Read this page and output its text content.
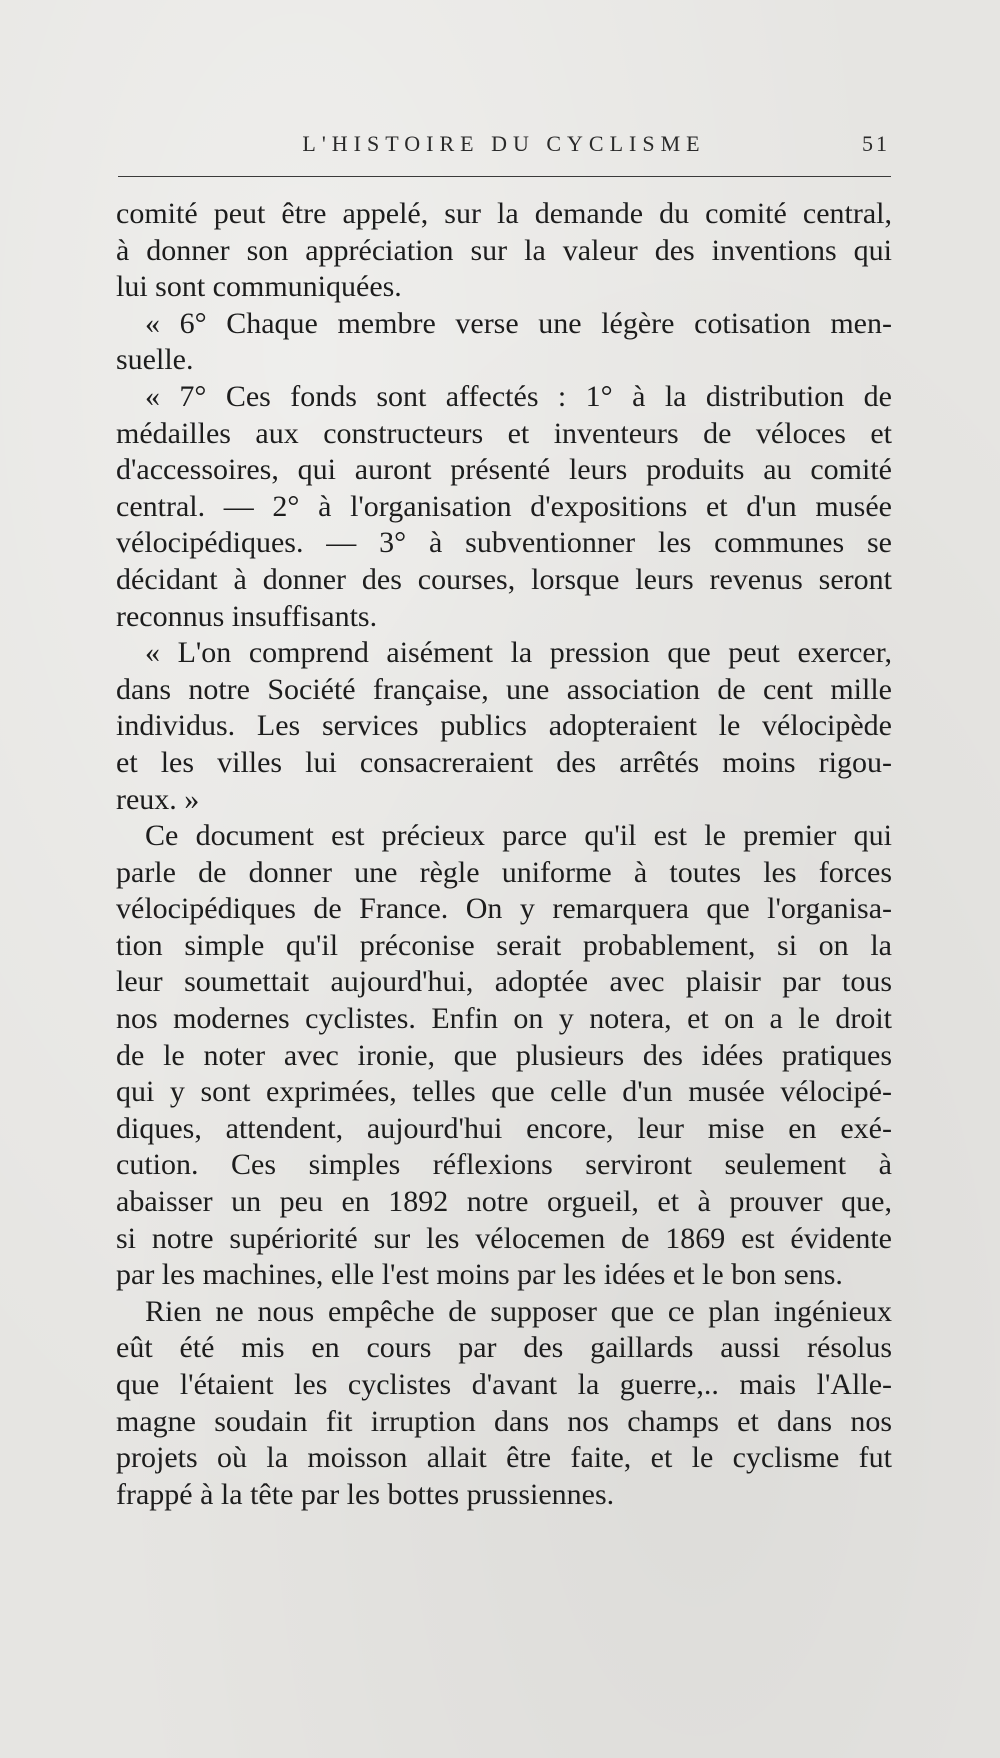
L'HISTOIRE DU CYCLISME	51

comité peut être appelé, sur la demande du comité central,
à donner son appréciation sur la valeur des inventions qui
lui sont communiquées.

« 6° Chaque membre verse une légère cotisation men-
suelle.

« 7° Ces fonds sont affectés : 1° à la distribution de
médailles aux constructeurs et inventeurs de véloces et
d'accessoires, qui auront présenté leurs produits au comité
central. — 2° à l'organisation d'expositions et d'un musée
vélocipédiques. — 3° à subventionner les communes se
décidant à donner des courses, lorsque leurs revenus seront
reconnus insuffisants.

« L'on comprend aisément la pression que peut exercer,
dans notre Société française, une association de cent mille
individus. Les services publics adopteraient le vélocipède
et les villes lui consacreraient des arrêtés moins rigou-
reux. »

Ce document est précieux parce qu'il est le premier qui
parle de donner une règle uniforme à toutes les forces
vélocipédiques de France. On y remarquera que l'organisa-
tion simple qu'il préconise serait probablement, si on la
leur soumettait aujourd'hui, adoptée avec plaisir par tous
nos modernes cyclistes. Enfin on y notera, et on a le droit
de le noter avec ironie, que plusieurs des idées pratiques
qui y sont exprimées, telles que celle d'un musée vélocipé-
diques, attendent, aujourd'hui encore, leur mise en exé-
cution. Ces simples réflexions serviront seulement à
abaisser un peu en 1892 notre orgueil, et à prouver que,
si notre supériorité sur les vélocemen de 1869 est évidente
par les machines, elle l'est moins par les idées et le bon sens.

Rien ne nous empêche de supposer que ce plan ingénieux
eût été mis en cours par des gaillards aussi résolus
que l'étaient les cyclistes d'avant la guerre,.. mais l'Alle-
magne soudain fit irruption dans nos champs et dans nos
projets où la moisson allait être faite, et le cyclisme fut
frappé à la tête par les bottes prussiennes.
